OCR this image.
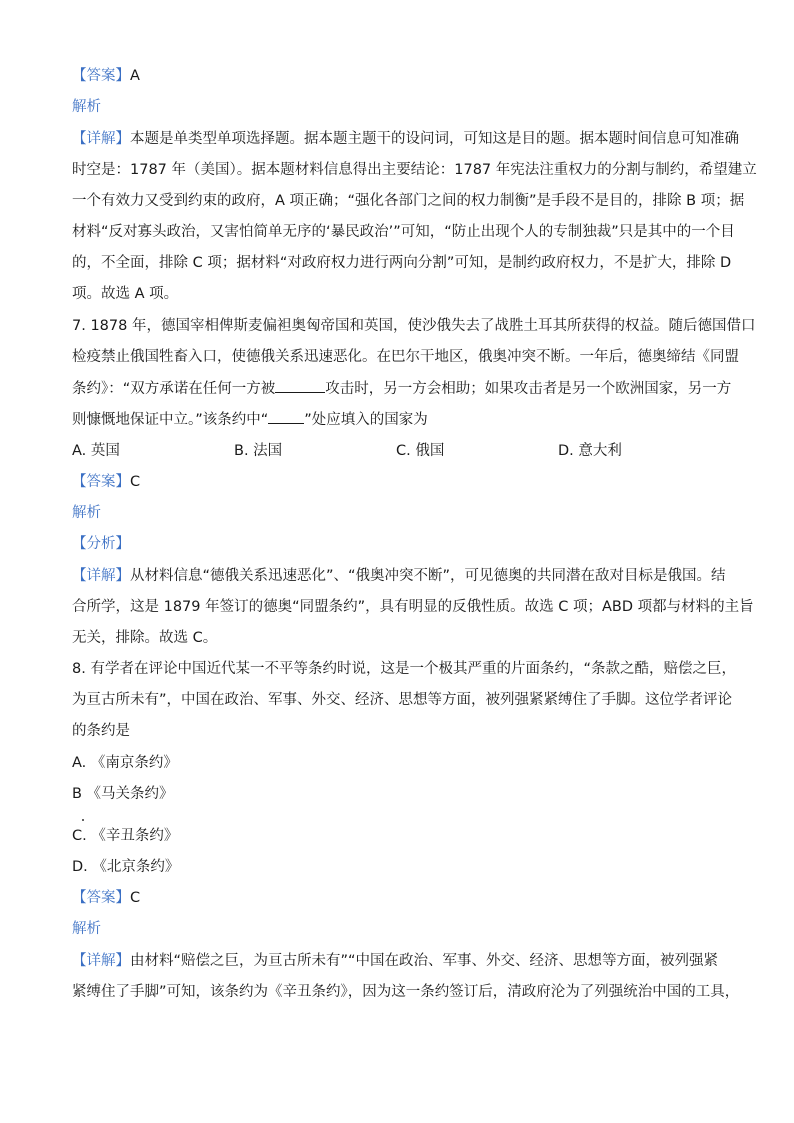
【答案】A
解析
【详解】本题是单类型单项选择题。据本题主题干的设问词，可知这是目的题。据本题时间信息可知准确
时空是：1787 年（美国）。据本题材料信息得出主要结论：1787 年宪法注重权力的分割与制约，希望建立
一个有效力又受到约束的政府，A 项正确；“强化各部门之间的权力制衡”是手段不是目的，排除 B 项；据
材料“反对寡头政治，又害怕简单无序的‘暴民政治’”可知，“防止出现个人的专制独裁”只是其中的一个目
的，不全面，排除 C 项；据材料“对政府权力进行两向分割”可知，是制约政府权力，不是扩大，排除 D
项。故选 A 项。
7. 1878 年，德国宰相俾斯麦偏袒奥匈帝国和英国，使沙俄失去了战胜土耳其所获得的权益。随后德国借口
检疫禁止俄国牲畜入口，使德俄关系迅速恶化。在巴尔干地区，俄奥冲突不断。一年后，德奥缔结《同盟
条约》：“双方承诺在任何一方被	攻击时，另一方会相助；如果攻击者是另一个欧洲国家，另一方
则慷慨地保证中立。”该条约中“ ”处应填入的国家为
A. 英国	B. 法国	C. 俄国	D. 意大利
【答案】C
解析
【分析】
【详解】从材料信息“德俄关系迅速恶化”、“俄奥冲突不断”，可见德奥的共同潜在敌对目标是俄国。结
合所学，这是 1879 年签订的德奥“同盟条约”，具有明显的反俄性质。故选 C 项；ABD 项都与材料的主旨
无关，排除。故选 C。
8. 有学者在评论中国近代某一不平等条约时说，这是一个极其严重的片面条约，“条款之酷，赔偿之巨，
为亘古所未有”，中国在政治、军事、外交、经济、思想等方面，被列强紧紧缚住了手脚。这位学者评论
的条约是
A. 《南京条约》
B 《马关条约》
C. 《辛丑条约》
D. 《北京条约》
【答案】C
解析
【详解】由材料“赔偿之巨，为亘古所未有”“中国在政治、军事、外交、经济、思想等方面，被列强紧
紧缚住了手脚”可知，该条约为《辛丑条约》，因为这一条约签订后，清政府沦为了列强统治中国的工具，
